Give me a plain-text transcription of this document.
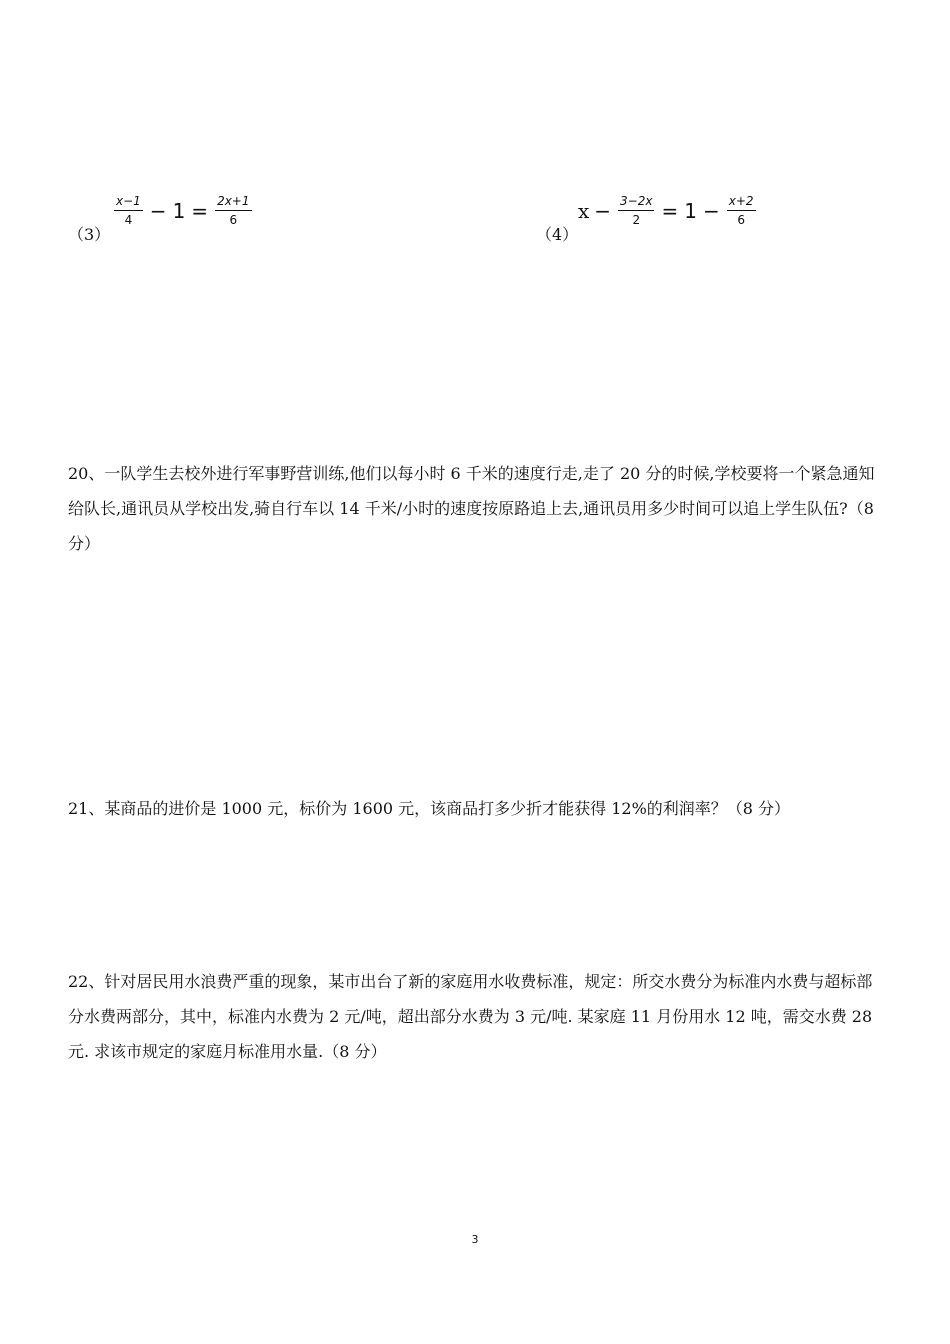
（3）
$\frac{x-1}{4} - 1 = \frac{2x+1}{6}$
（4）
$x - \frac{3-2x}{2} = 1 - \frac{x+2}{6}$
20、一队学生去校外进行军事野营训练,他们以每小时 6 千米的速度行走,走了 20 分的时候,学校要将一个紧急通知给队长,通讯员从学校出发,骑自行车以 14 千米/小时的速度按原路追上去,通讯员用多少时间可以追上学生队伍?（8 分）
21、某商品的进价是 1000 元，标价为 1600 元，该商品打多少折才能获得 12%的利润率？（8 分）
22、针对居民用水浪费严重的现象，某市出台了新的家庭用水收费标准，规定：所交水费分为标准内水费与超标部分水费两部分，其中，标准内水费为 2 元/吨，超出部分水费为 3 元/吨. 某家庭 11 月份用水 12 吨，需交水费 28 元. 求该市规定的家庭月标准用水量.（8 分）
3
